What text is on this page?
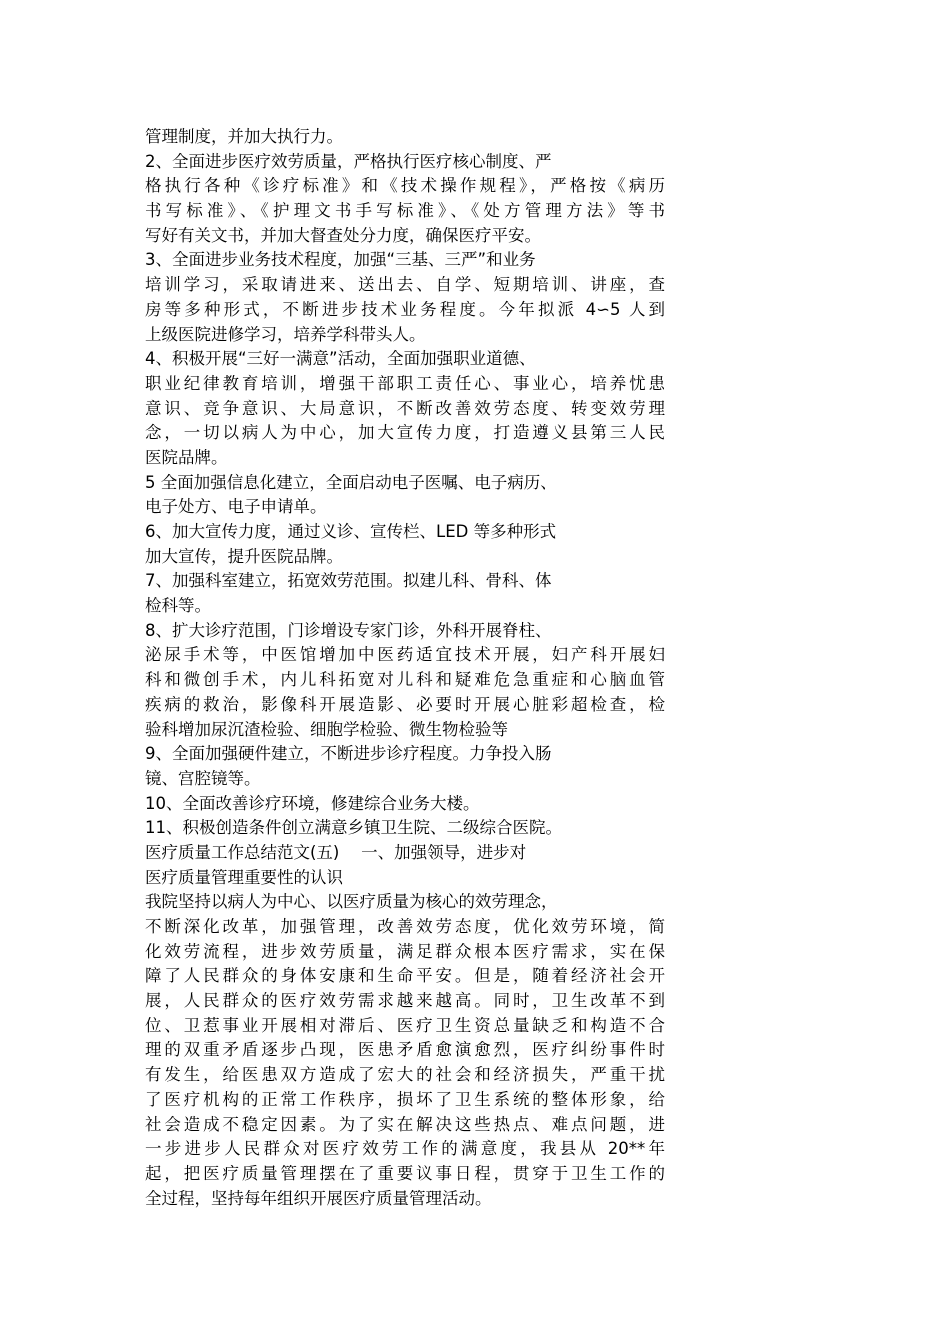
管理制度，并加大执行力。
2、全面进步医疗效劳质量，严格执行医疗核心制度、严
格执行各种《诊疗标准》和《技术操作规程》，严格按《病历
书写标准》、《护理文书手写标准》、《处方管理方法》等书
写好有关文书，并加大督查处分力度，确保医疗平安。
3、全面进步业务技术程度，加强“三基、三严”和业务
培训学习，采取请进来、送出去、自学、短期培训、讲座，查
房等多种形式，不断进步技术业务程度。今年拟派 4∽5 人到
上级医院进修学习，培养学科带头人。
4、积极开展“三好一满意”活动，全面加强职业道德、
职业纪律教育培训，增强干部职工责任心、事业心，培养忧患
意识、竞争意识、大局意识，不断改善效劳态度、转变效劳理
念，一切以病人为中心，加大宣传力度，打造遵义县第三人民
医院品牌。
5 全面加强信息化建立，全面启动电子医嘱、电子病历、
电子处方、电子申请单。
6、加大宣传力度，通过义诊、宣传栏、LED 等多种形式
加大宣传，提升医院品牌。
7、加强科室建立，拓宽效劳范围。拟建儿科、骨科、体
检科等。
8、扩大诊疗范围，门诊增设专家门诊，外科开展脊柱、
泌尿手术等，中医馆增加中医药适宜技术开展，妇产科开展妇
科和微创手术，内儿科拓宽对儿科和疑难危急重症和心脑血管
疾病的救治，影像科开展造影、必要时开展心脏彩超检查，检
验科增加尿沉渣检验、细胞学检验、微生物检验等
9、全面加强硬件建立，不断进步诊疗程度。力争投入肠
镜、宫腔镜等。
10、全面改善诊疗环境，修建综合业务大楼。
11、积极创造条件创立满意乡镇卫生院、二级综合医院。
医疗质量工作总结范文(五)　 一、加强领导，进步对
医疗质量管理重要性的认识
我院坚持以病人为中心、以医疗质量为核心的效劳理念，
不断深化改革，加强管理，改善效劳态度，优化效劳环境，简
化效劳流程，进步效劳质量，满足群众根本医疗需求，实在保
障了人民群众的身体安康和生命平安。但是，随着经济社会开
展，人民群众的医疗效劳需求越来越高。同时，卫生改革不到
位、卫惹事业开展相对滞后、医疗卫生资总量缺乏和构造不合
理的双重矛盾逐步凸现，医患矛盾愈演愈烈，医疗纠纷事件时
有发生，给医患双方造成了宏大的社会和经济损失，严重干扰
了医疗机构的正常工作秩序，损坏了卫生系统的整体形象，给
社会造成不稳定因素。为了实在解决这些热点、难点问题，进
一步进步人民群众对医疗效劳工作的满意度，我县从 20**年
起，把医疗质量管理摆在了重要议事日程，贯穿于卫生工作的
全过程，坚持每年组织开展医疗质量管理活动。
